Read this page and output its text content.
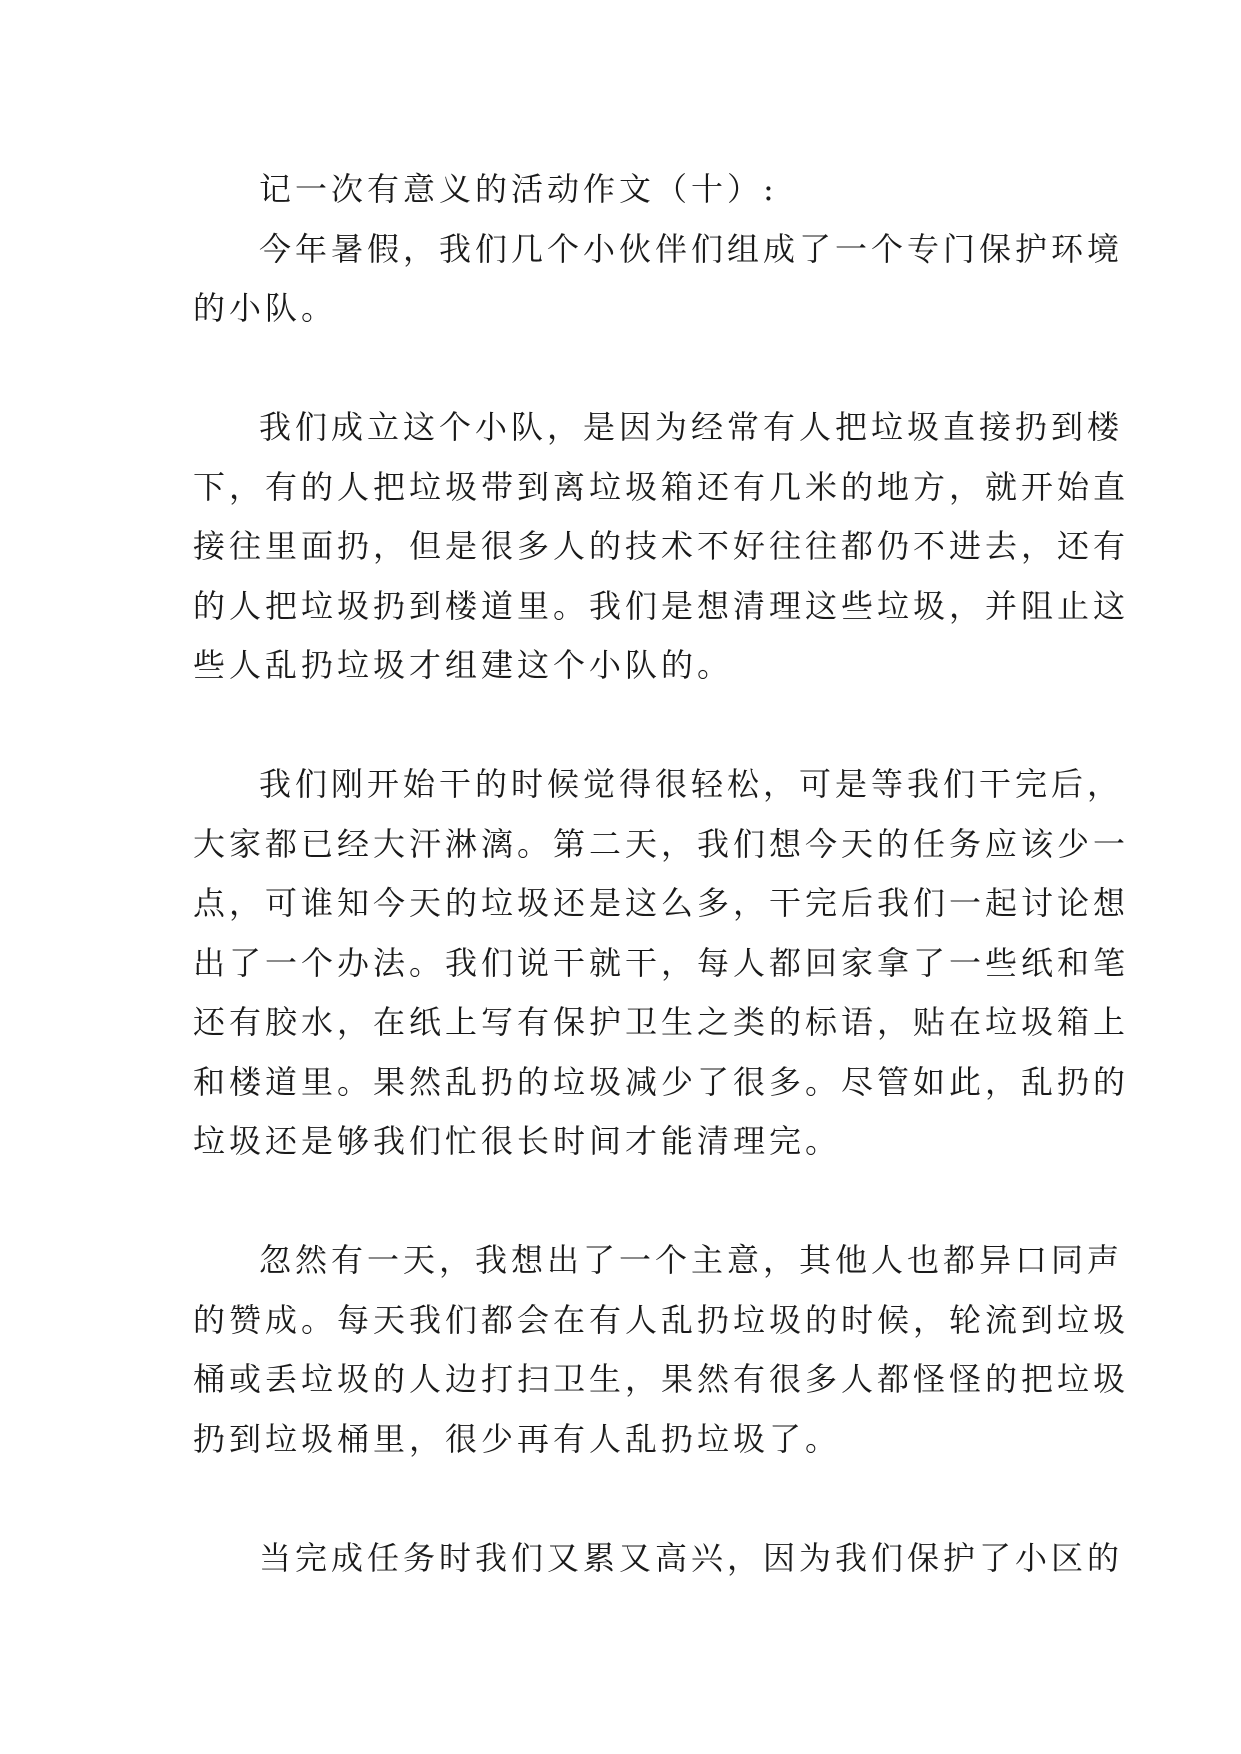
记一次有意义的活动作文（十）:
今年暑假，我们几个小伙伴们组成了一个专门保护环境
的小队。
我们成立这个小队，是因为经常有人把垃圾直接扔到楼
下，有的人把垃圾带到离垃圾箱还有几米的地方，就开始直
接往里面扔，但是很多人的技术不好往往都仍不进去，还有
的人把垃圾扔到楼道里。我们是想清理这些垃圾，并阻止这
些人乱扔垃圾才组建这个小队的。
我们刚开始干的时候觉得很轻松，可是等我们干完后，
大家都已经大汗淋漓。第二天，我们想今天的任务应该少一
点，可谁知今天的垃圾还是这么多，干完后我们一起讨论想
出了一个办法。我们说干就干，每人都回家拿了一些纸和笔
还有胶水，在纸上写有保护卫生之类的标语，贴在垃圾箱上
和楼道里。果然乱扔的垃圾减少了很多。尽管如此，乱扔的
垃圾还是够我们忙很长时间才能清理完。
忽然有一天，我想出了一个主意，其他人也都异口同声
的赞成。每天我们都会在有人乱扔垃圾的时候，轮流到垃圾
桶或丢垃圾的人边打扫卫生，果然有很多人都怪怪的把垃圾
扔到垃圾桶里，很少再有人乱扔垃圾了。
当完成任务时我们又累又高兴，因为我们保护了小区的
